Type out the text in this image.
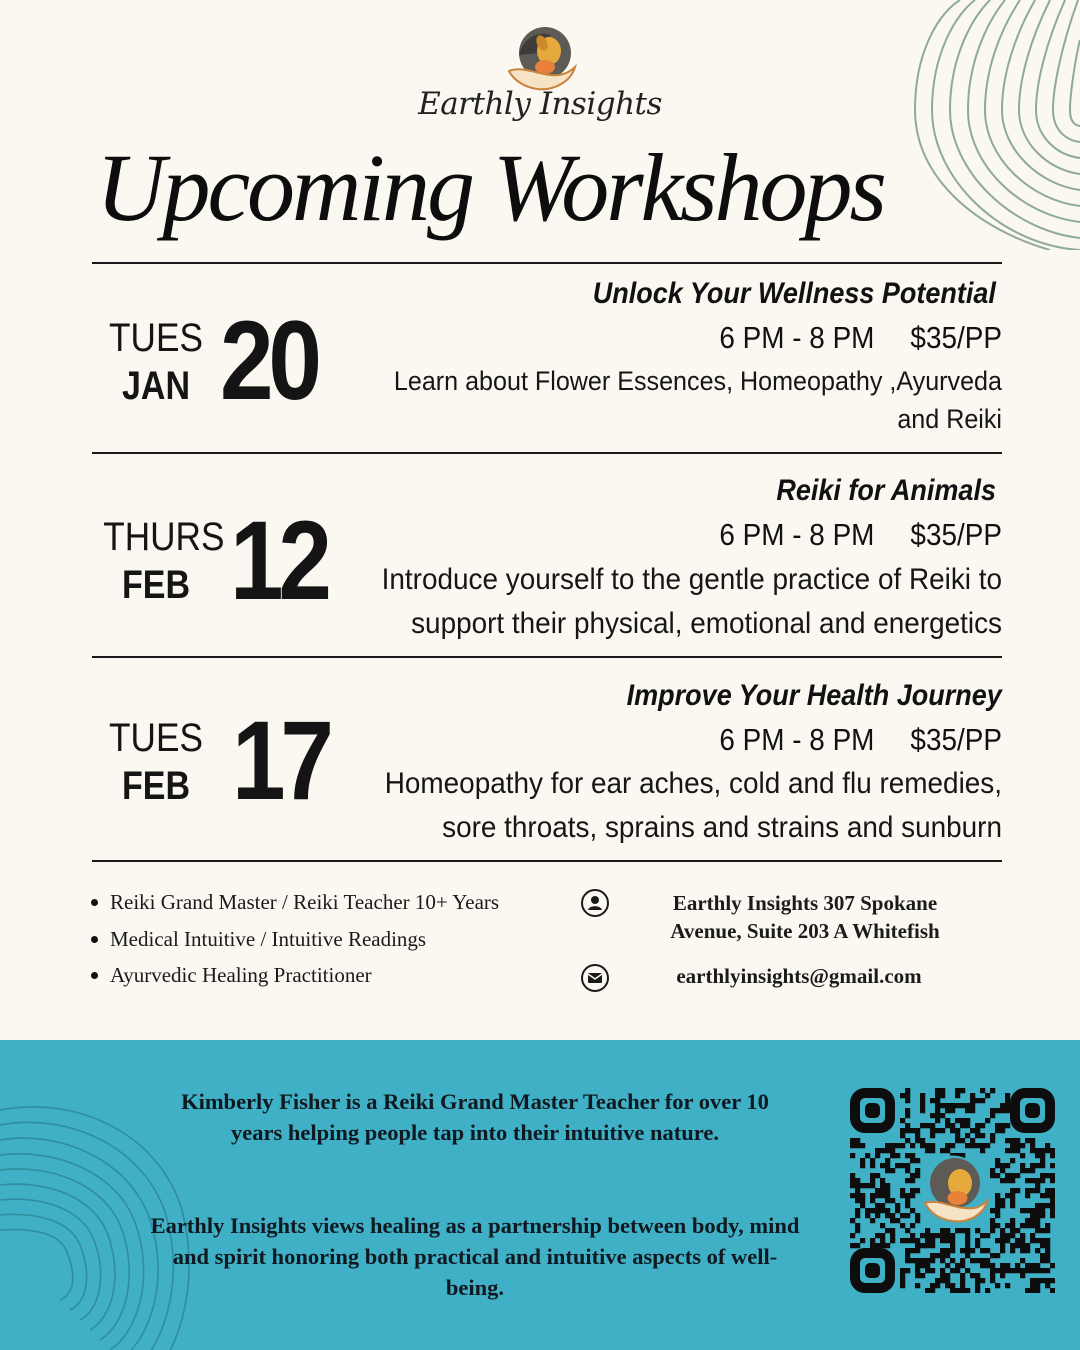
Earthly Insights
Upcoming Workshops
TUES
JAN 20
Unlock Your Wellness Potential
6 PM - 8 PM $35/PP
Learn about Flower Essences, Homeopathy ,Ayurveda and Reiki
THURS
FEB 12
Reiki for Animals
6 PM - 8 PM $35/PP
Introduce yourself to the gentle practice of Reiki to support their physical, emotional and energetics
TUES
FEB 17
Improve Your Health Journey
6 PM - 8 PM $35/PP
Homeopathy for ear aches, cold and flu remedies, sore throats, sprains and strains and sunburn
Reiki Grand Master / Reiki Teacher 10+ Years
Medical Intuitive / Intuitive Readings
Ayurvedic Healing Practitioner
Earthly Insights 307 Spokane
Avenue, Suite 203 A Whitefish
earthlyinsights@gmail.com
Kimberly Fisher is a Reiki Grand Master Teacher for over 10 years helping people tap into their intuitive nature.
Earthly Insights views healing as a partnership between body, mind and spirit honoring both practical and intuitive aspects of well-being.
